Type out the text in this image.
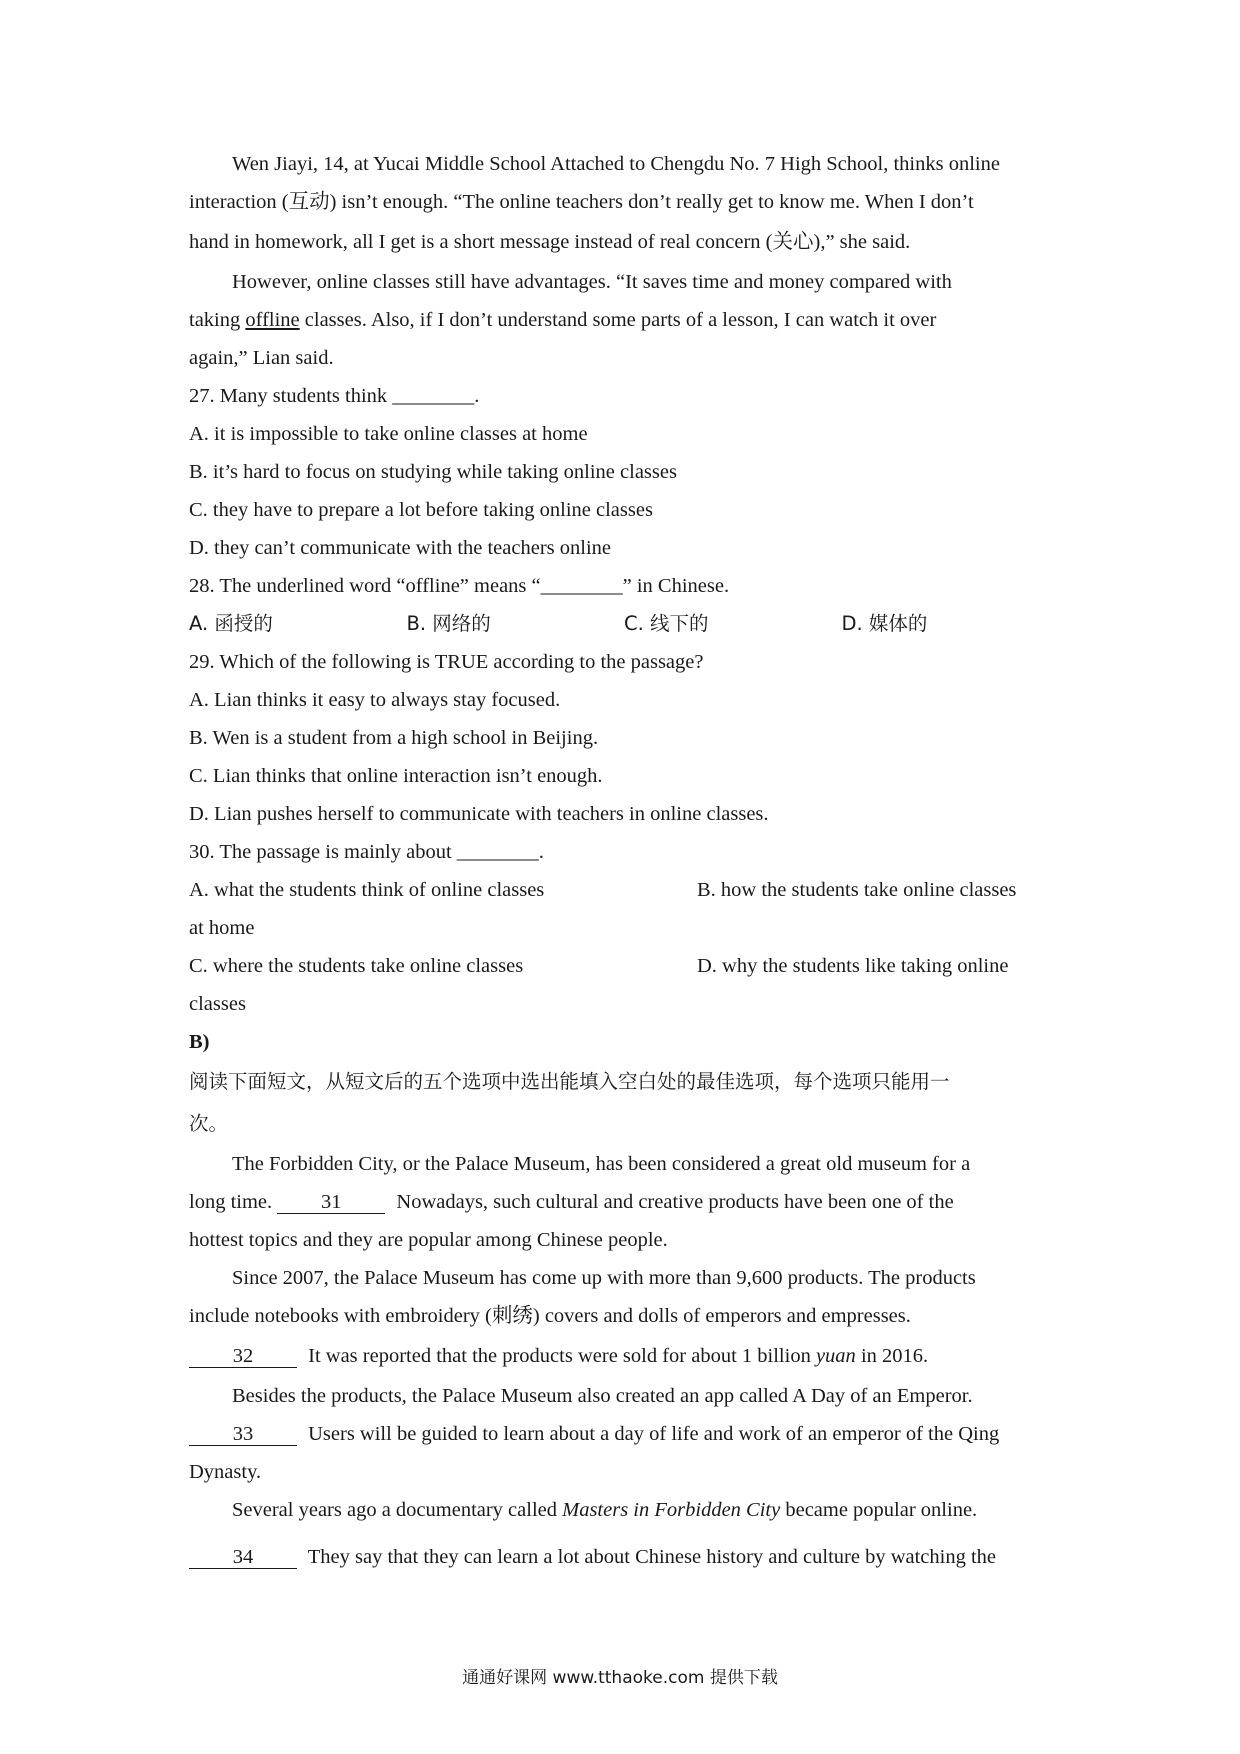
Wen Jiayi, 14, at Yucai Middle School Attached to Chengdu No. 7 High School, thinks online
interaction (互动) isn’t enough. “The online teachers don’t really get to know me. When I don’t
hand in homework, all I get is a short message instead of real concern (关心),” she said.
However, online classes still have advantages. “It saves time and money compared with
taking offline classes. Also, if I don’t understand some parts of a lesson, I can watch it over
again,” Lian said.
27. Many students think ________.
A. it is impossible to take online classes at home
B. it’s hard to focus on studying while taking online classes
C. they have to prepare a lot before taking online classes
D. they can’t communicate with the teachers online
28. The underlined word “offline” means “________” in Chinese.
A. 函授的	B. 网络的	C. 线下的	D. 媒体的
29. Which of the following is TRUE according to the passage?
A. Lian thinks it easy to always stay focused.
B. Wen is a student from a high school in Beijing.
C. Lian thinks that online interaction isn’t enough.
D. Lian pushes herself to communicate with teachers in online classes.
30. The passage is mainly about ________.
A. what the students think of online classes	B. how the students take online classes
at home
C. where the students take online classes	D. why the students like taking online
classes
B)
阅读下面短文，从短文后的五个选项中选出能填入空白处的最佳选项，每个选项只能用一
次。
The Forbidden City, or the Palace Museum, has been considered a great old museum for a
long time. 31 Nowadays, such cultural and creative products have been one of the
hottest topics and they are popular among Chinese people.
Since 2007, the Palace Museum has come up with more than 9,600 products. The products
include notebooks with embroidery (刺绣) covers and dolls of emperors and empresses.
32 It was reported that the products were sold for about 1 billion yuan in 2016.
Besides the products, the Palace Museum also created an app called A Day of an Emperor.
33 Users will be guided to learn about a day of life and work of an emperor of the Qing
Dynasty.
Several years ago a documentary called Masters in Forbidden City became popular online.
34 They say that they can learn a lot about Chinese history and culture by watching the
通通好课网 www.tthaoke.com 提供下载
